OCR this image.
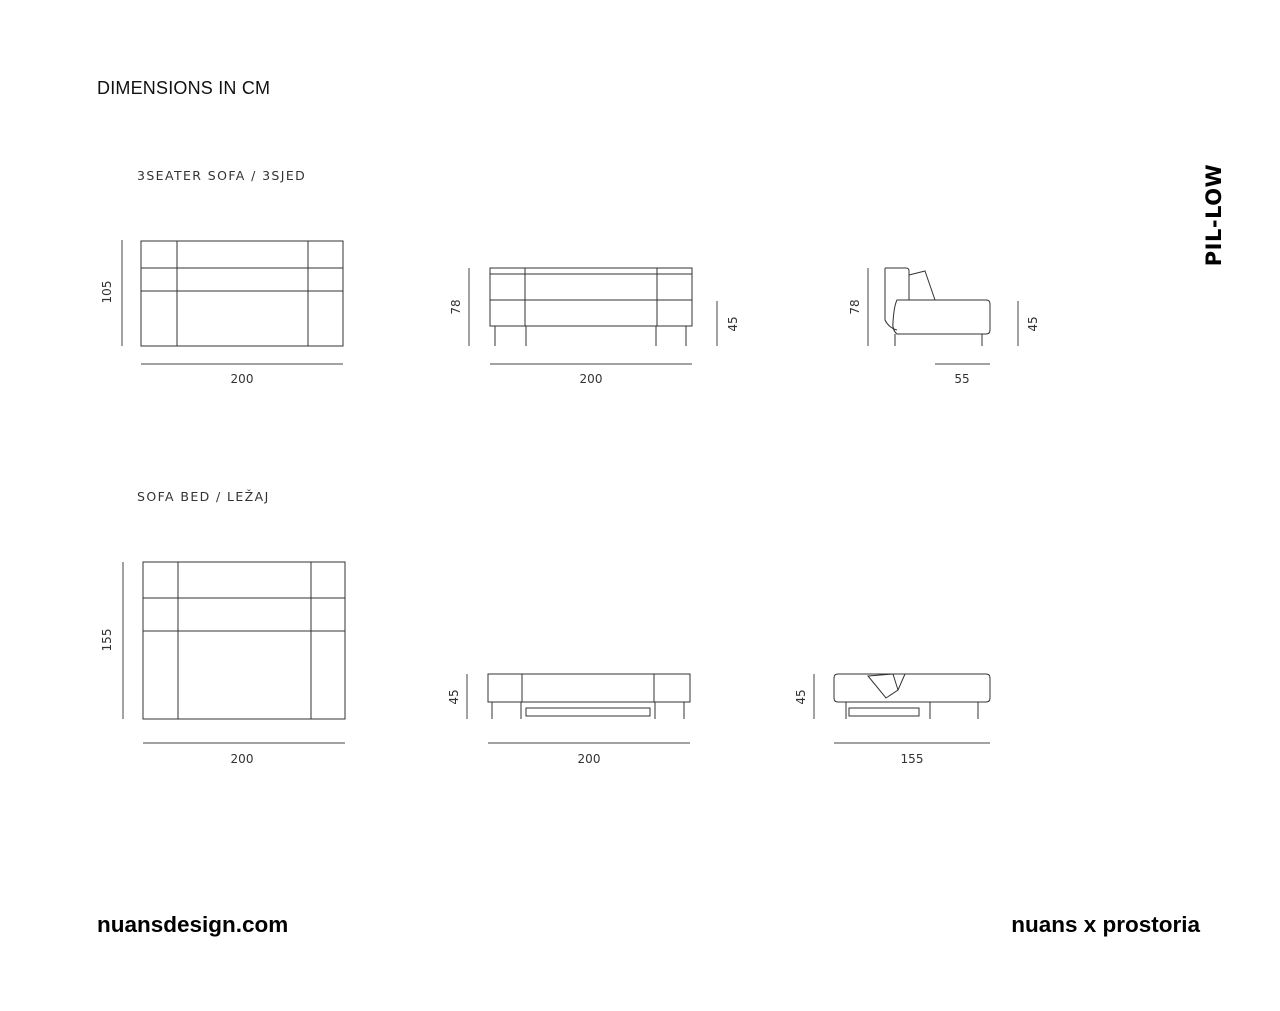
DIMENSIONS IN CM
PIL-LOW
3SEATER SOFA / 3SJED
SOFA BED / LEŽAJ
105
200
78
45
200
78
45
55
155
200
45
200
45
155
nuansdesign.com	nuans x prostoria
